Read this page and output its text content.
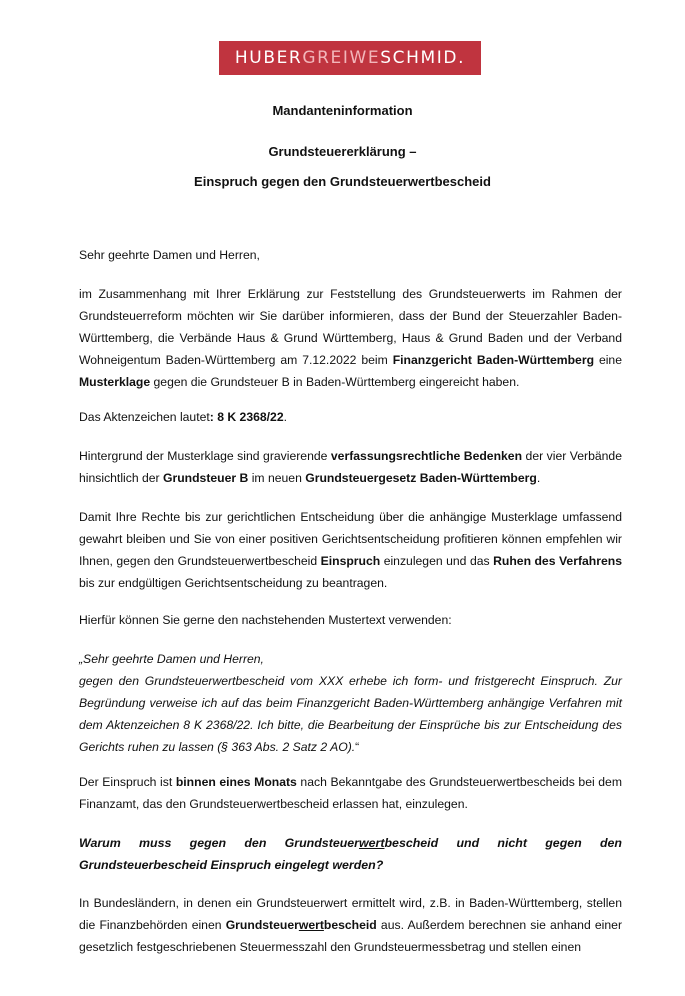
HUBER GREIWE SCHMID .
Mandanteninformation
Grundsteuererklärung –
Einspruch gegen den Grundsteuerwertbescheid

Sehr geehrte Damen und Herren,

im Zusammenhang mit Ihrer Erklärung zur Feststellung des Grundsteuerwerts im Rahmen der Grundsteuerreform möchten wir Sie darüber informieren, dass der Bund der Steuerzahler Baden-Württemberg, die Verbände Haus & Grund Württemberg, Haus & Grund Baden und der Verband Wohneigentum Baden-Württemberg am 7.12.2022 beim Finanzgericht Baden-Württemberg eine Musterklage gegen die Grundsteuer B in Baden-Württemberg eingereicht haben.

Das Aktenzeichen lautet: 8 K 2368/22.

Hintergrund der Musterklage sind gravierende verfassungsrechtliche Bedenken der vier Verbände hinsichtlich der Grundsteuer B im neuen Grundsteuergesetz Baden-Württemberg.

Damit Ihre Rechte bis zur gerichtlichen Entscheidung über die anhängige Musterklage umfassend gewahrt bleiben und Sie von einer positiven Gerichtsentscheidung profitieren können empfehlen wir Ihnen, gegen den Grundsteuerwertbescheid Einspruch einzulegen und das Ruhen des Verfahrens bis zur endgültigen Gerichtsentscheidung zu beantragen.

Hierfür können Sie gerne den nachstehenden Mustertext verwenden:

„Sehr geehrte Damen und Herren,
gegen den Grundsteuerwertbescheid vom XXX erhebe ich form- und fristgerecht Einspruch. Zur Begründung verweise ich auf das beim Finanzgericht Baden-Württemberg anhängige Verfahren mit dem Aktenzeichen 8 K 2368/22. Ich bitte, die Bearbeitung der Einsprüche bis zur Entscheidung des Gerichts ruhen zu lassen (§ 363 Abs. 2 Satz 2 AO).“

Der Einspruch ist binnen eines Monats nach Bekanntgabe des Grundsteuerwertbescheids bei dem Finanzamt, das den Grundsteuerwertbescheid erlassen hat, einzulegen.

Warum muss gegen den Grundsteuerwertbescheid und nicht gegen den

Grundsteuerbescheid Einspruch eingelegt werden?

In Bundesländern, in denen ein Grundsteuerwert ermittelt wird, z.B. in Baden-Württemberg, stellen die Finanzbehörden einen Grundsteuerwertbescheid aus. Außerdem berechnen sie anhand einer gesetzlich festgeschriebenen Steuermesszahl den Grundsteuermessbetrag und stellen einen
